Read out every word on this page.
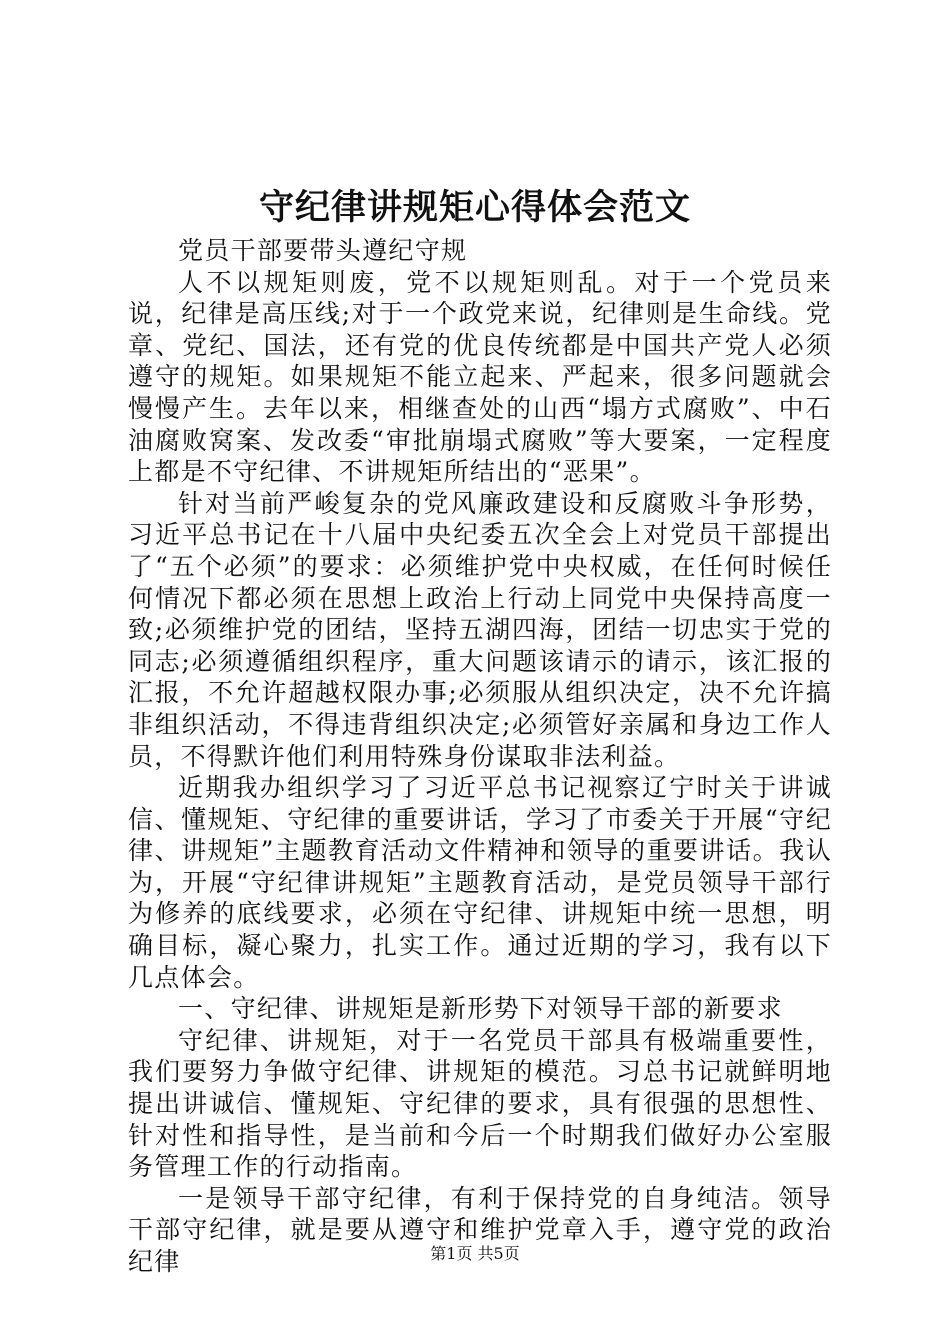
守纪律讲规矩心得体会范文

党员干部要带头遵纪守规

人不以规矩则废，党不以规矩则乱。对于一个党员来说，纪律是高压线;对于一个政党来说，纪律则是生命线。党章、党纪、国法，还有党的优良传统都是中国共产党人必须遵守的规矩。如果规矩不能立起来、严起来，很多问题就会慢慢产生。去年以来，相继查处的山西“塌方式腐败”、中石油腐败窝案、发改委“审批崩塌式腐败”等大要案，一定程度上都是不守纪律、不讲规矩所结出的“恶果”。

针对当前严峻复杂的党风廉政建设和反腐败斗争形势，习近平总书记在十八届中央纪委五次全会上对党员干部提出了“五个必须”的要求：必须维护党中央权威，在任何时候任何情况下都必须在思想上政治上行动上同党中央保持高度一致;必须维护党的团结，坚持五湖四海，团结一切忠实于党的同志;必须遵循组织程序，重大问题该请示的请示，该汇报的汇报，不允许超越权限办事;必须服从组织决定，决不允许搞非组织活动，不得违背组织决定;必须管好亲属和身边工作人员，不得默许他们利用特殊身份谋取非法利益。

近期我办组织学习了习近平总书记视察辽宁时关于讲诚信、懂规矩、守纪律的重要讲话，学习了市委关于开展“守纪律、讲规矩”主题教育活动文件精神和领导的重要讲话。我认为，开展“守纪律讲规矩”主题教育活动，是党员领导干部行为修养的底线要求，必须在守纪律、讲规矩中统一思想，明确目标，凝心聚力，扎实工作。通过近期的学习，我有以下几点体会。

一、守纪律、讲规矩是新形势下对领导干部的新要求

守纪律、讲规矩，对于一名党员干部具有极端重要性，我们要努力争做守纪律、讲规矩的模范。习总书记就鲜明地提出讲诚信、懂规矩、守纪律的要求，具有很强的思想性、针对性和指导性，是当前和今后一个时期我们做好办公室服务管理工作的行动指南。

一是领导干部守纪律，有利于保持党的自身纯洁。领导干部守纪律，就是要从遵守和维护党章入手，遵守党的政治纪律	第1页 共5页
